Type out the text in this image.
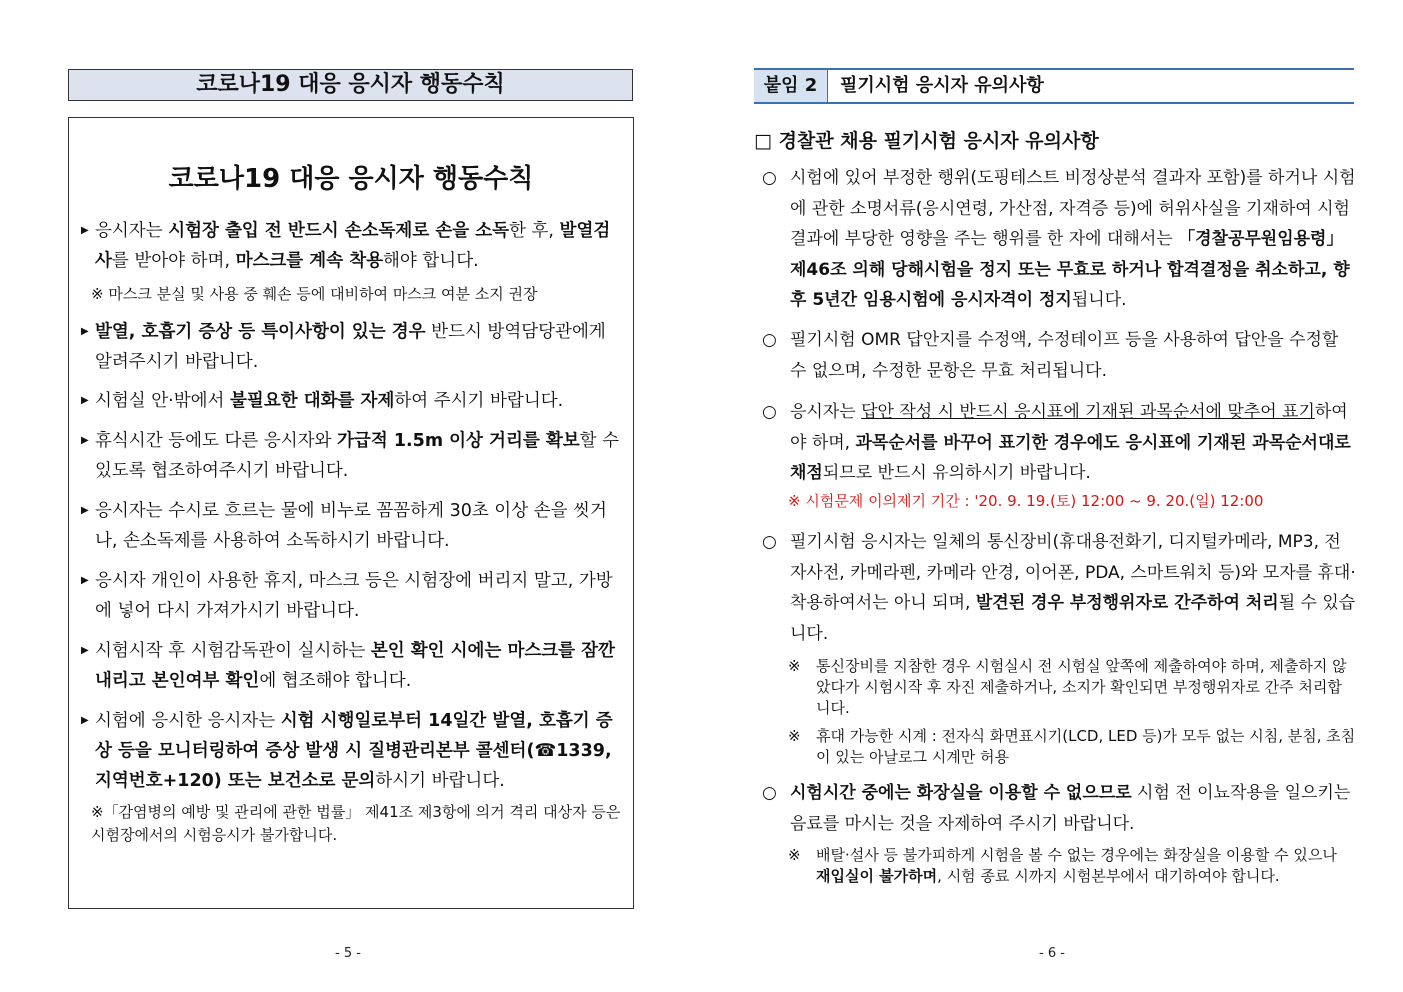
코로나19 대응 응시자 행동수칙
코로나19 대응 응시자 행동수칙
▶ 응시자는 시험장 출입 전 반드시 손소독제로 손을 소독한 후, 발열검사를 받아야 하며, 마스크를 계속 착용해야 합니다.
※ 마스크 분실 및 사용 중 훼손 등에 대비하여 마스크 여분 소지 권장
▶ 발열, 호흡기 증상 등 특이사항이 있는 경우 반드시 방역담당관에게 알려주시기 바랍니다.
▶ 시험실 안·밖에서 불필요한 대화를 자제하여 주시기 바랍니다.
▶ 휴식시간 등에도 다른 응시자와 가급적 1.5m 이상 거리를 확보할 수 있도록 협조하여주시기 바랍니다.
▶ 응시자는 수시로 흐르는 물에 비누로 꼼꼼하게 30초 이상 손을 씻거나, 손소독제를 사용하여 소독하시기 바랍니다.
▶ 응시자 개인이 사용한 휴지, 마스크 등은 시험장에 버리지 말고, 가방에 넣어 다시 가져가시기 바랍니다.
▶ 시험시작 후 시험감독관이 실시하는 본인 확인 시에는 마스크를 잠깐 내리고 본인여부 확인에 협조해야 합니다.
▶ 시험에 응시한 응시자는 시험 시행일로부터 14일간 발열, 호흡기 증상 등을 모니터링하여 증상 발생 시 질병관리본부 콜센터(☎1339, 지역번호+120) 또는 보건소로 문의하시기 바랍니다.
※「감염병의 예방 및 관리에 관한 법률」 제41조 제3항에 의거 격리 대상자 등은 시험장에서의 시험응시가 불가합니다.
- 5 -
붙임 2	필기시험 응시자 유의사항
□ 경찰관 채용 필기시험 응시자 유의사항
○ 시험에 있어 부정한 행위(도핑테스트 비정상분석 결과자 포함)를 하거나 시험에 관한 소명서류(응시연령, 가산점, 자격증 등)에 허위사실을 기재하여 시험결과에 부당한 영향을 주는 행위를 한 자에 대해서는 「경찰공무원임용령」 제46조 의해 당해시험을 정지 또는 무효로 하거나 합격결정을 취소하고, 향후 5년간 임용시험에 응시자격이 정지됩니다.
○ 필기시험 OMR 답안지를 수정액, 수정테이프 등을 사용하여 답안을 수정할 수 없으며, 수정한 문항은 무효 처리됩니다.
○ 응시자는 답안 작성 시 반드시 응시표에 기재된 과목순서에 맞추어 표기하여야 하며, 과목순서를 바꾸어 표기한 경우에도 응시표에 기재된 과목순서대로 채점되므로 반드시 유의하시기 바랍니다.
※ 시험문제 이의제기 기간 : '20. 9. 19.(토) 12:00 ~ 9. 20.(일) 12:00
○ 필기시험 응시자는 일체의 통신장비(휴대용전화기, 디지털카메라, MP3, 전자사전, 카메라펜, 카메라 안경, 이어폰, PDA, 스마트워치 등)와 모자를 휴대·착용하여서는 아니 되며, 발견된 경우 부정행위자로 간주하여 처리될 수 있습니다.
※	통신장비를 지참한 경우 시험실시 전 시험실 앞쪽에 제출하여야 하며, 제출하지 않았다가 시험시작 후 자진 제출하거나, 소지가 확인되면 부정행위자로 간주 처리합니다.
※	휴대 가능한 시계 : 전자식 화면표시기(LCD, LED 등)가 모두 없는 시침, 분침, 초침이 있는 아날로그 시계만 허용
○ 시험시간 중에는 화장실을 이용할 수 없으므로 시험 전 이뇨작용을 일으키는 음료를 마시는 것을 자제하여 주시기 바랍니다.
※	배탈·설사 등 불가피하게 시험을 볼 수 없는 경우에는 화장실을 이용할 수 있으나 재입실이 불가하며, 시험 종료 시까지 시험본부에서 대기하여야 합니다.
- 6 -
